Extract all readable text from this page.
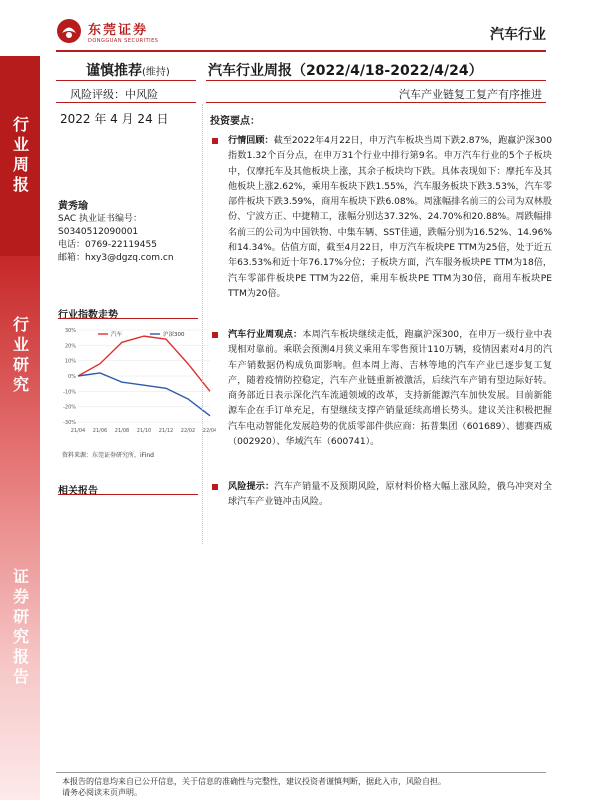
行业周报
行业研究
证券研究报告
东莞证券
DONGGUAN SECURITIES	汽车行业
谨慎推荐(维持)	汽车行业周报（2022/4/18-2022/4/24）
风险评级：中风险	汽车产业链复工复产有序推进
2022 年 4 月 24 日
黄秀瑜
SAC 执业证书编号：
S0340512090001
电话：0769-22119455
邮箱：hxy3@dgzq.com.cn
行业指数走势
30%
20%
10%
0%
-10%
-20%
-30%
21/04 21/06 21/08 21/10 21/12 22/02 22/04
汽车	沪深300
资料来源：东莞证券研究所，iFind
相关报告
投资要点：
行情回顾：截至2022年4月22日，申万汽车板块当周下跌2.87%，跑赢沪深300指数1.32个百分点，在申万31个行业中排行第9名。申万汽车行业的5个子板块中，仅摩托车及其他板块上涨，其余子板块均下跌。具体表现如下：摩托车及其他板块上涨2.62%，乘用车板块下跌1.55%，汽车服务板块下跌3.53%，汽车零部件板块下跌3.59%，商用车板块下跌6.08%。周涨幅排名前三的公司为双林股份、宁波方正、中捷精工，涨幅分别达37.32%、24.70%和20.88%。周跌幅排名前三的公司为中国铁物、中集车辆、SST佳通，跌幅分别为16.52%、14.96%和14.34%。估值方面，截至4月22日，申万汽车板块PE TTM为25倍，处于近五年63.53%和近十年76.17%分位；子板块方面，汽车服务板块PE TTM为18倍，汽车零部件板块PE TTM为22倍，乘用车板块PE TTM为30倍，商用车板块PE TTM为20倍。
汽车行业周观点：本周汽车板块继续走低，跑赢沪深300，在申万一级行业中表现相对靠前。乘联会预测4月狭义乘用车零售预计110万辆，疫情因素对4月的汽车产销数据仍构成负面影响。但本周上海、吉林等地的汽车产业已逐步复工复产，随着疫情防控稳定，汽车产业链重新被激活，后续汽车产销有望边际好转。商务部近日表示深化汽车流通领域的改革，支持新能源汽车加快发展。目前新能源车企在手订单充足，有望继续支撑产销量延续高增长势头。建议关注积极把握汽车电动智能化发展趋势的优质零部件供应商：拓普集团（601689）、德赛西威（002920）、华域汽车（600741）。
风险提示：汽车产销量不及预期风险，原材料价格大幅上涨风险，俄乌冲突对全球汽车产业链冲击风险。
本报告的信息均来自已公开信息，关于信息的准确性与完整性，建议投资者谨慎判断，据此入市，风险自担。
请务必阅读末页声明。
